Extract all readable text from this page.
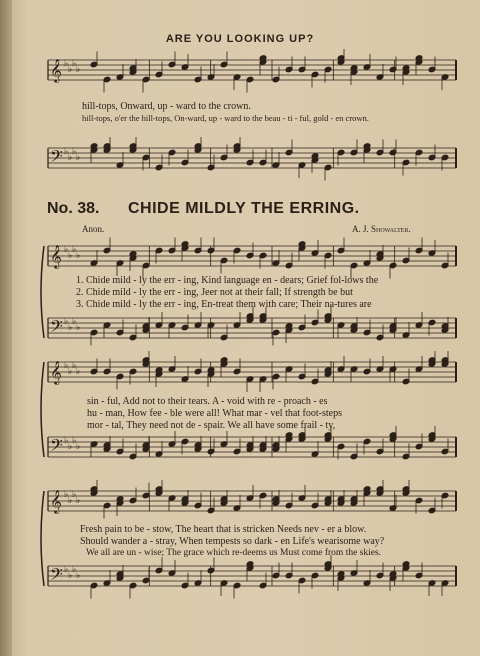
ARE YOU LOOKING UP?
𝄞 ♭
♭
♭
♭
𝄢 ♭
♭
♭
♭
𝄞 ♭
♭
♭
♭
𝄢 ♭
♭
♭
♭
𝄞 ♭
♭
♭
♭
𝄢 ♭
♭
♭
♭
𝄞 ♭
♭
♭
♭
𝄢 ♭
♭
♭
♭
hill-tops, Onward, up - ward to the crown.
hill-tops, o'er the hill-tops, On-ward, up - ward to the beau - ti - ful, gold - en crown.
No. 38. CHIDE MILDLY THE ERRING.
Anon.	A. J. Showalter.
1. Chide mild - ly the err - ing, Kind language en - dears; Grief fol-lows the
2. Chide mild - ly the err - ing, Jeer not at their fall; If strength be but
3. Chide mild - ly the err - ing, En-treat them with care; Their na-tures are
sin - ful, Add not to their tears. A - void with re - proach - es
hu - man, How fee - ble were all! What mar - vel that foot-steps
mor - tal, They need not de - spair. We all have some frail - ty,
Fresh pain to be - stow, The heart that is stricken Needs nev - er a blow.
Should wander a - stray, When tempests so dark - en Life's wearisome way?
We all are un - wise; The grace which re-deems us Must come from the skies.
